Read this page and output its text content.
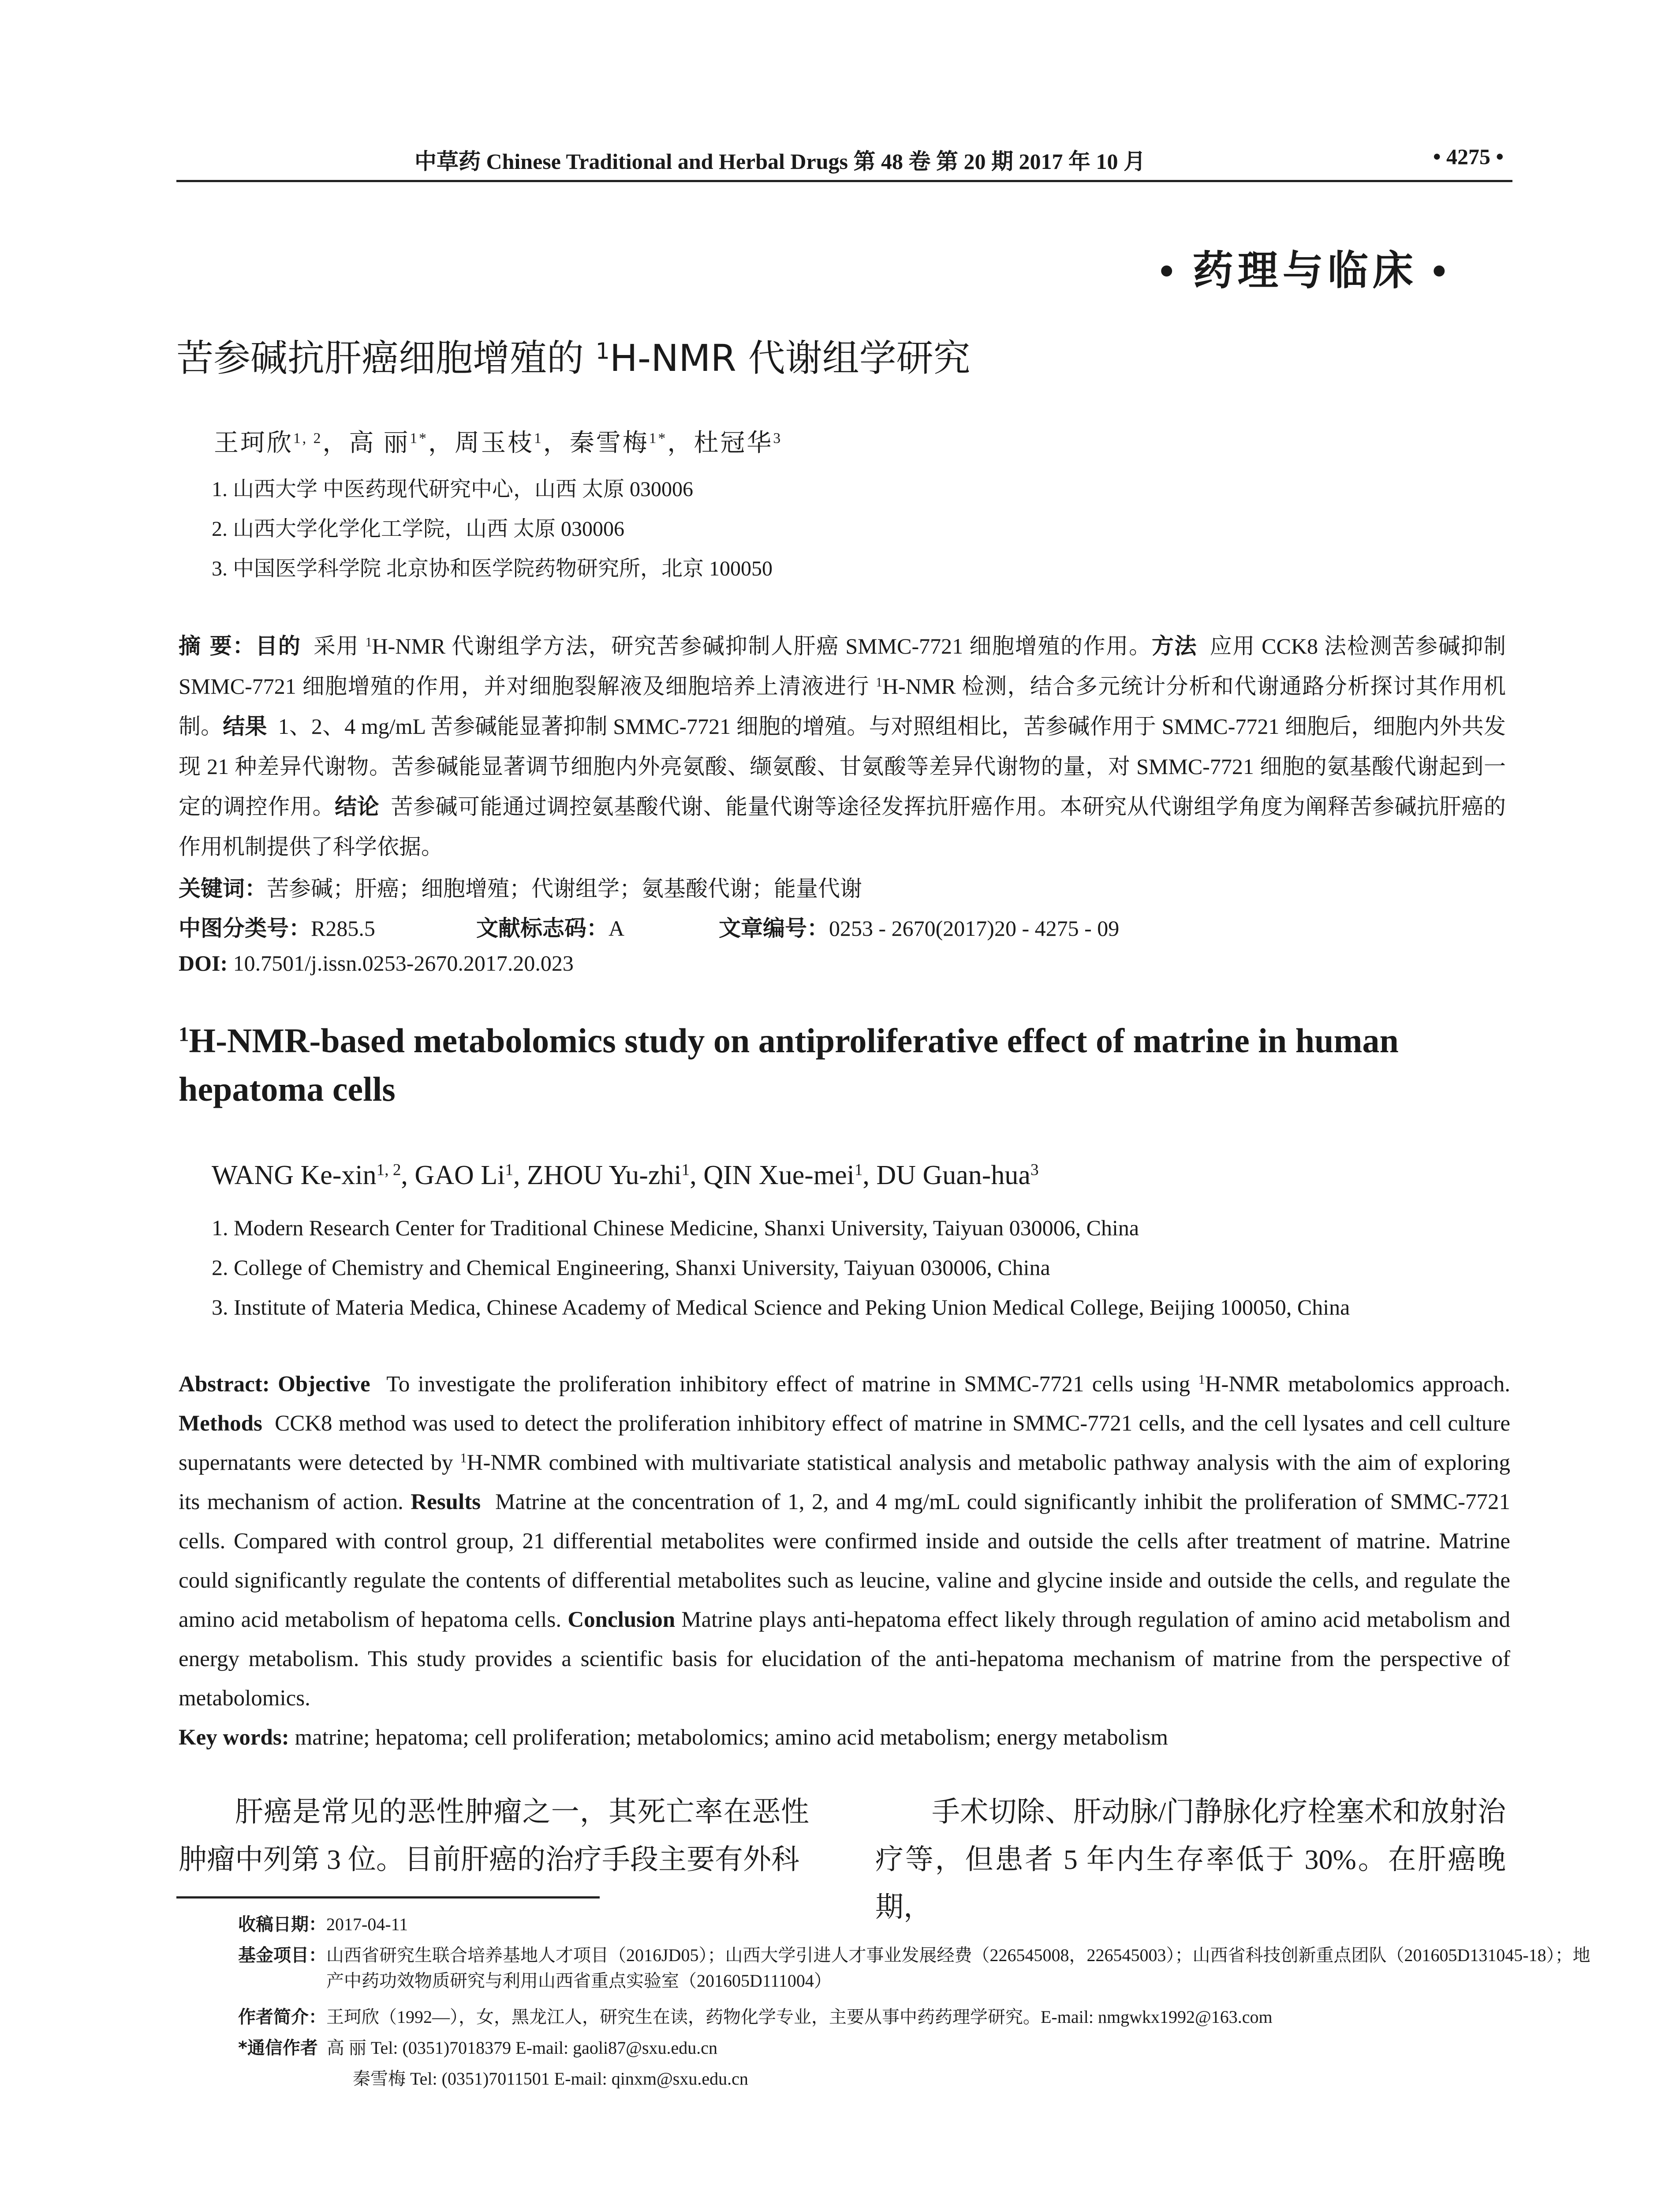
中草药 Chinese Traditional and Herbal Drugs 第 48 卷 第 20 期 2017 年 10 月	• 4275 •
• 药理与临床 •
苦参碱抗肝癌细胞增殖的 $^1$H-NMR 代谢组学研究
王珂欣$^{1, 2}$，高 丽$^{1*}$，周玉枝$^1$，秦雪梅$^{1*}$，杜冠华$^3$
1. 山西大学 中医药现代研究中心，山西 太原 030006
2. 山西大学化学化工学院，山西 太原 030006
3. 中国医学科学院 北京协和医学院药物研究所，北京 100050
摘 要：目的 采用 $^1$H-NMR 代谢组学方法，研究苦参碱抑制人肝癌 SMMC-7721 细胞增殖的作用。方法 应用 CCK8 法检测苦参碱抑制 SMMC-7721 细胞增殖的作用，并对细胞裂解液及细胞培养上清液进行 $^1$H-NMR 检测，结合多元统计分析和代谢通路分析探讨其作用机制。结果 1、2、4 mg/mL 苦参碱能显著抑制 SMMC-7721 细胞的增殖。与对照组相比，苦参碱作用于 SMMC-7721 细胞后，细胞内外共发现 21 种差异代谢物。苦参碱能显著调节细胞内外亮氨酸、缬氨酸、甘氨酸等差异代谢物的量，对 SMMC-7721 细胞的氨基酸代谢起到一定的调控作用。结论 苦参碱可能通过调控氨基酸代谢、能量代谢等途径发挥抗肝癌作用。本研究从代谢组学角度为阐释苦参碱抗肝癌的作用机制提供了科学依据。
关键词：苦参碱；肝癌；细胞增殖；代谢组学；氨基酸代谢；能量代谢
中图分类号：R285.5	文献标志码：A	文章编号：0253 - 2670(2017)20 - 4275 - 09
DOI: 10.7501/j.issn.0253-2670.2017.20.023
$^1$H-NMR-based metabolomics study on antiproliferative effect of matrine in human hepatoma cells
WANG Ke-xin$^{1, 2}$, GAO Li$^1$, ZHOU Yu-zhi$^1$, QIN Xue-mei$^1$, DU Guan-hua$^3$
1. Modern Research Center for Traditional Chinese Medicine, Shanxi University, Taiyuan 030006, China
2. College of Chemistry and Chemical Engineering, Shanxi University, Taiyuan 030006, China
3. Institute of Materia Medica, Chinese Academy of Medical Science and Peking Union Medical College, Beijing 100050, China
Abstract: Objective To investigate the proliferation inhibitory effect of matrine in SMMC-7721 cells using $^1$H-NMR metabolomics approach. Methods CCK8 method was used to detect the proliferation inhibitory effect of matrine in SMMC-7721 cells, and the cell lysates and cell culture supernatants were detected by $^1$H-NMR combined with multivariate statistical analysis and metabolic pathway analysis with the aim of exploring its mechanism of action. Results Matrine at the concentration of 1, 2, and 4 mg/mL could significantly inhibit the proliferation of SMMC-7721 cells. Compared with control group, 21 differential metabolites were confirmed inside and outside the cells after treatment of matrine. Matrine could significantly regulate the contents of differential metabolites such as leucine, valine and glycine inside and outside the cells, and regulate the amino acid metabolism of hepatoma cells. Conclusion Matrine plays anti-hepatoma effect likely through regulation of amino acid metabolism and energy metabolism. This study provides a scientific basis for elucidation of the anti-hepatoma mechanism of matrine from the perspective of metabolomics.
Key words: matrine; hepatoma; cell proliferation; metabolomics; amino acid metabolism; energy metabolism
肝癌是常见的恶性肿瘤之一，其死亡率在恶性肿瘤中列第 3 位。目前肝癌的治疗手段主要有外科
手术切除、肝动脉/门静脉化疗栓塞术和放射治疗等，但患者 5 年内生存率低于 30%。在肝癌晚期，
收稿日期：2017-04-11
基金项目：山西省研究生联合培养基地人才项目（2016JD05）；山西大学引进人才事业发展经费（226545008，226545003）；山西省科技创新重点团队（201605D131045-18）；地产中药功效物质研究与利用山西省重点实验室（201605D111004）
作者简介：王珂欣（1992—），女，黑龙江人，研究生在读，药物化学专业，主要从事中药药理学研究。E-mail: nmgwkx1992@163.com
*通信作者 高 丽 Tel: (0351)7018379 E-mail: gaoli87@sxu.edu.cn
秦雪梅 Tel: (0351)7011501 E-mail: qinxm@sxu.edu.cn
